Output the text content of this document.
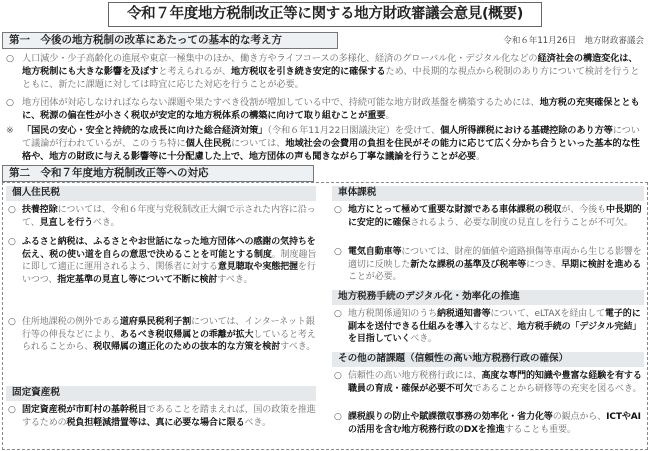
令和７年度地方税制改正等に関する地方財政審議会意見(概要)
第一　今後の地方税制の改革にあたっての基本的な考え方	令和６年11月26日　地方財政審議会
○ 人口減少・少子高齢化の進展や東京一極集中のほか、働き方やライフコースの多様化、経済のグローバル化・デジタル化などの経済社会の構造変化は、地方税制にも大きな影響を及ぼすと考えられるが、地方税収を引き続き安定的に確保するため、中長期的な視点から税制のあり方について検討を行うとともに、新たに課題に対しては時宜に応じた対応を行うことが必要。
○ 地方団体が対応しなければならない課題や果たすべき役割が増加している中で、持続可能な地方財政基盤を構築するためには、地方税の充実確保とともに、税源の偏在性が小さく税収が安定的な地方税体系の構築に向けて取り組むことが重要。
※ 「国民の安心・安全と持続的な成長に向けた総合経済対策」（令和６年11月22日閣議決定）を受けて、個人所得課税における基礎控除のあり方等について議論が行われているが、このうち特に個人住民税については、地域社会の会費用の負担を住民がその能力に応じて広く分かち合うといった基本的な性格や、地方の財政に与える影響等に十分配慮した上で、地方団体の声も聞きながら丁寧な議論を行うことが必要。
第二　令和７年度地方税制改正等への対応
個人住民税
○ 扶養控除については、令和６年度与党税制改正大綱で示された内容に沿って、見直しを行うべき。
○ ふるさと納税は、ふるさとやお世話になった地方団体への感謝の気持ちを伝え、税の使い道を自らの意思で決めることを可能とする制度。制度趣旨に即して適正に運用されるよう、関係者に対する意見聴取や実態把握を行いつつ、指定基準の見直し等について不断に検討すべき。
○ 住所地課税の例外である道府県民税利子割については、インターネット銀行等の伸長などにより、あるべき税収帰属との乖離が拡大していると考えられることから、税収帰属の適正化のための抜本的な方策を検討すべき。
固定資産税
○ 固定資産税が市町村の基幹税目であることを踏まえれば、国の政策を推進するための税負担軽減措置等は、真に必要な場合に限るべき。
車体課税
○ 地方にとって極めて重要な財源である車体課税の税収が、今後も中長期的に安定的に確保されるよう、必要な制度の見直しを行うことが不可欠。
○ 電気自動車等については、財産的価値や道路損傷等車両から生じる影響を適切に反映した新たな課税の基準及び税率等につき、早期に検討を進めることが必要。
地方税務手続のデジタル化・効率化の推進
○ 地方税関係通知のうち納税通知書等について、eLTAXを経由して電子的に副本を送付できる仕組みを導入するなど、地方税手続の「デジタル完結」を目指していくべき。
その他の諸課題（信頼性の高い地方税務行政の確保）
○ 信頼性の高い地方税務行政には、高度な専門的知識や豊富な経験を有する職員の育成・確保が必要不可欠であることから研修等の充実を図るべき。
○ 課税誤りの防止や賦課徴収事務の効率化・省力化等の観点から、ICTやAIの活用を含む地方税務行政のDXを推進することも重要。
